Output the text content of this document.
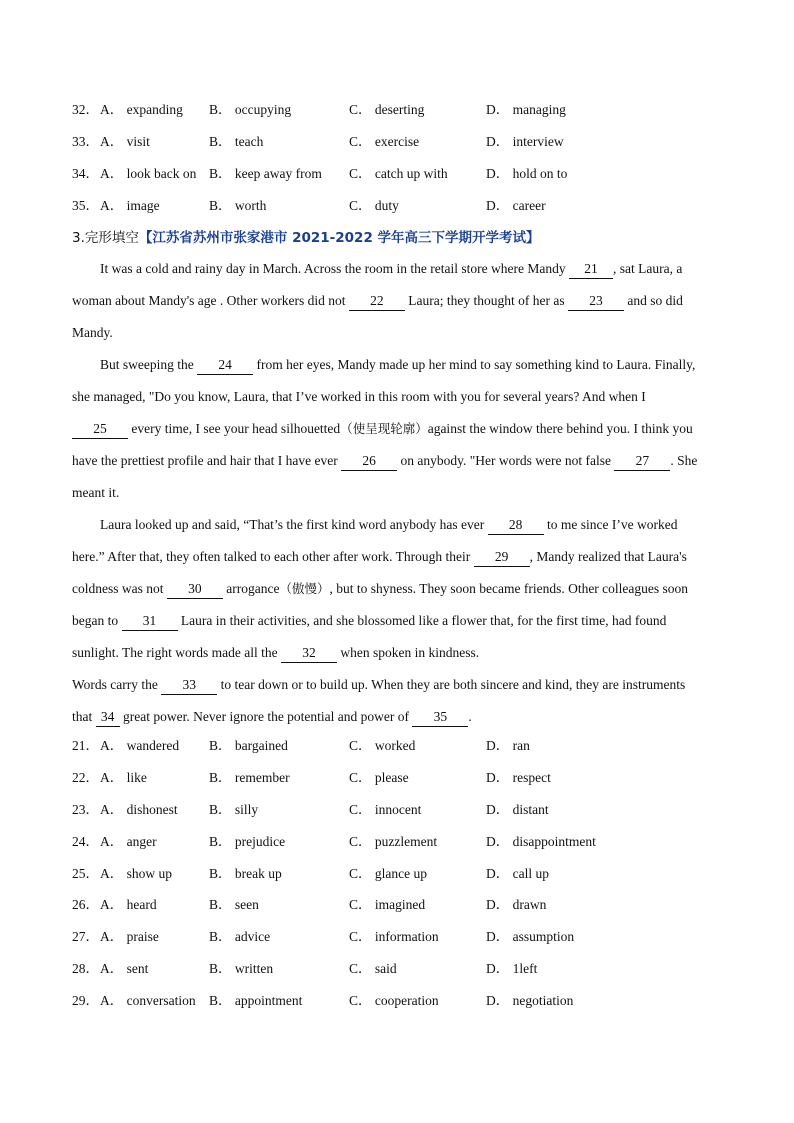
32． A． expanding B． occupying	C． deserting	D． managing
33． A． visit	B． teach	C． exercise	D． interview
34． A． look back on B． keep away from C． catch up with	D． hold on to
35． A． image	B． worth	C． duty	D． career
3.完形填空【江苏省苏州市张家港市 2021-2022 学年高三下学期开学考试】
It was a cold and rainy day in March. Across the room in the retail store where Mandy 21 , sat Laura, a
woman about Mandy's age . Other workers did not 22 Laura; they thought of her as 23 and so did
Mandy.
But sweeping the 24 from her eyes, Mandy made up her mind to say something kind to Laura. Finally,
she managed, "Do you know, Laura, that I’ve worked in this room with you for several years? And when I
25 every time, I see your head silhouetted（使呈现轮廓）against the window there behind you. I think you
have the prettiest profile and hair that I have ever 26 on anybody. "Her words were not false 27 . She
meant it.
Laura looked up and said, “That’s the first kind word anybody has ever 28 to me since I’ve worked
here.” After that, they often talked to each other after work. Through their 29 , Mandy realized that Laura's
coldness was not 30 arrogance（傲慢）, but to shyness. They soon became friends. Other colleagues soon
began to 31 Laura in their activities, and she blossomed like a flower that, for the first time, had found
sunlight. The right words made all the 32 when spoken in kindness.
Words carry the 33 to tear down or to build up. When they are both sincere and kind, they are instruments
that 34 great power. Never ignore the potential and power of 35 .
21． A． wandered B． bargained	C． worked	D． ran
22． A． like	B． remember	C． please	D． respect
23． A． dishonest B． silly	C． innocent	D． distant
24． A． anger	B． prejudice	C． puzzlement	D． disappointment
25． A． show up	B． break up	C． glance up	D． call up
26． A． heard	B． seen	C． imagined	D． drawn
27． A． praise	B． advice	C． information	D． assumption
28． A． sent	B． written	C． said	D． 1left
29． A． conversation B． appointment	C． cooperation	D． negotiation
